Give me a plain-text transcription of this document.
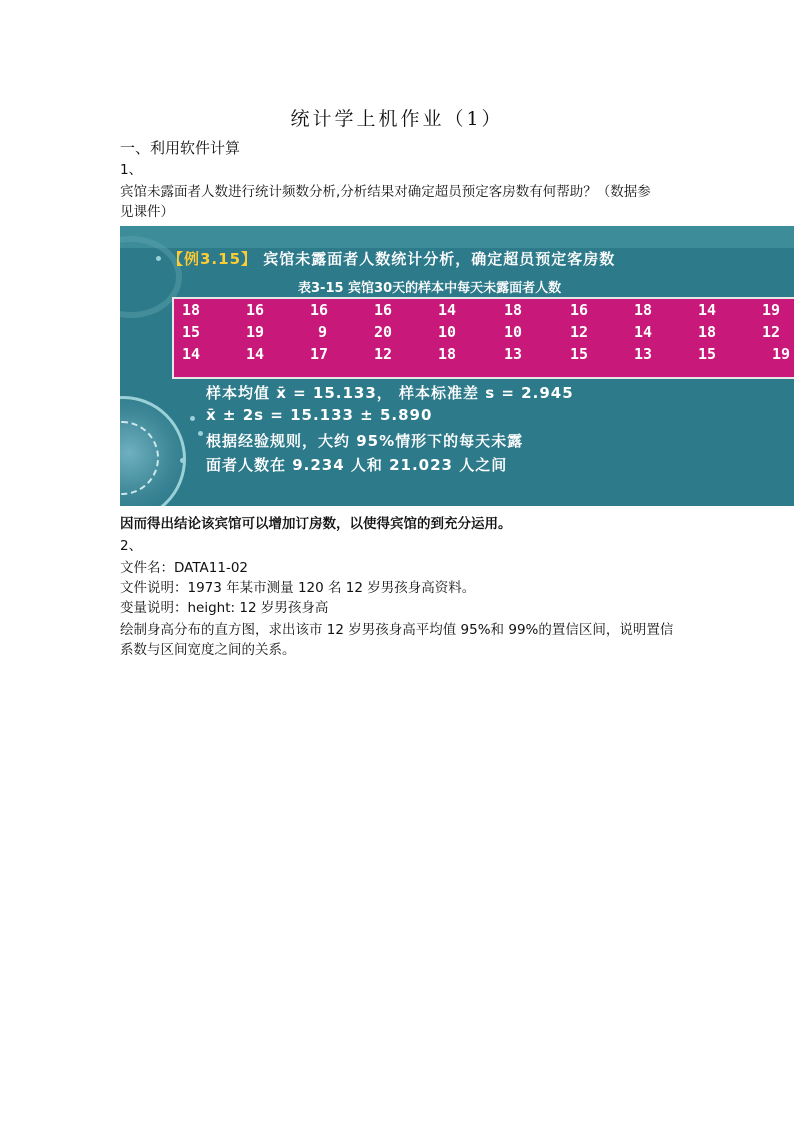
统计学上机作业（1）
一、利用软件计算
1、
宾馆未露面者人数进行统计频数分析,分析结果对确定超员预定客房数有何帮助？（数据参
见课件）
【例3.15】 宾馆未露面者人数统计分析，确定超员预定客房数
表3-15 宾馆30天的样本中每天未露面者人数
18	16	16	16	14	18	16	18	14	19
15	19	9	20	10	10	12	14	18	12
14	14	17	12	18	13	15	13	15	19
样本均值 x̄ = 15.133， 样本标准差 s = 2.945
x̄ ± 2s = 15.133 ± 5.890
根据经验规则，大约 95%情形下的每天未露
面者人数在 9.234 人和 21.023 人之间
因而得出结论该宾馆可以增加订房数，以使得宾馆的到充分运用。
2、
文件名：DATA11-02
文件说明：1973 年某市测量 120 名 12 岁男孩身高资料。
变量说明：height: 12 岁男孩身高
绘制身高分布的直方图，求出该市 12 岁男孩身高平均值 95%和 99%的置信区间，说明置信
系数与区间宽度之间的关系。
